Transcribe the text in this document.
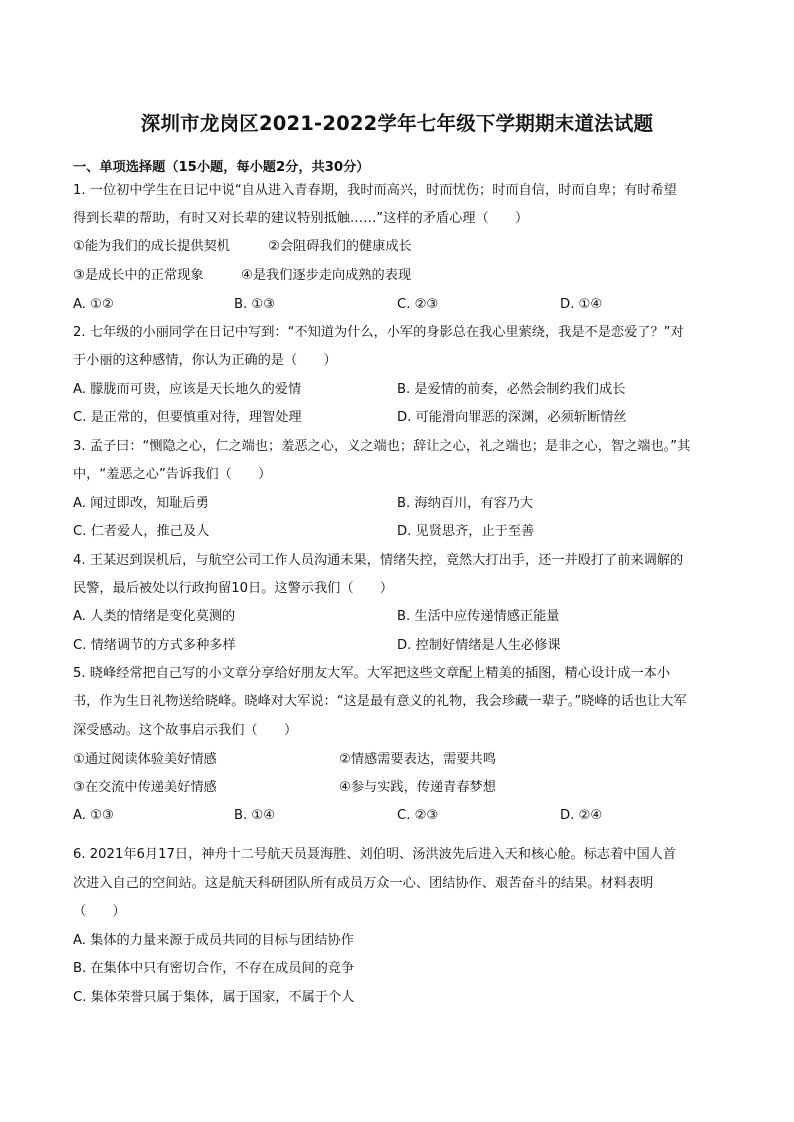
深圳市龙岗区2021-2022学年七年级下学期期末道法试题
一、单项选择题（15小题，每小题2分，共30分）
1. 一位初中学生在日记中说“自从进入青春期，我时而高兴，时而忧伤；时而自信，时而自卑；有时希望
得到长辈的帮助，有时又对长辈的建议特别抵触……”这样的矛盾心理（　　）
①能为我们的成长提供契机	②会阻碍我们的健康成长
③是成长中的正常现象	④是我们逐步走向成熟的表现
A. ①②	B. ①③	C. ②③	D. ①④
2. 七年级的小丽同学在日记中写到：“不知道为什么，小军的身影总在我心里萦绕，我是不是恋爱了？”对
于小丽的这种感情，你认为正确的是（　　）
A. 朦胧而可贵，应该是天长地久的爱情	B. 是爱情的前奏，必然会制约我们成长
C. 是正常的，但要慎重对待，理智处理	D. 可能滑向罪恶的深渊，必须斩断情丝
3. 孟子曰：“恻隐之心，仁之端也；羞恶之心，义之端也；辞让之心，礼之端也；是非之心，智之端也。”其
中，“羞恶之心”告诉我们（　　）
A. 闻过即改，知耻后勇	B. 海纳百川，有容乃大
C. 仁者爱人，推己及人	D. 见贤思齐，止于至善
4. 王某迟到误机后，与航空公司工作人员沟通未果，情绪失控，竟然大打出手，还一并殴打了前来调解的
民警，最后被处以行政拘留10日。这警示我们（　　）
A. 人类的情绪是变化莫测的	B. 生活中应传递情感正能量
C. 情绪调节的方式多种多样	D. 控制好情绪是人生必修课
5. 晓峰经常把自己写的小文章分享给好朋友大军。大军把这些文章配上精美的插图，精心设计成一本小
书，作为生日礼物送给晓峰。晓峰对大军说：“这是最有意义的礼物，我会珍藏一辈子。”晓峰的话也让大军
深受感动。这个故事启示我们（　　）
①通过阅读体验美好情感	②情感需要表达，需要共鸣
③在交流中传递美好情感	④参与实践，传递青春梦想
A. ①③	B. ①④	C. ②③	D. ②④
6. 2021年6月17日，神舟十二号航天员聂海胜、刘伯明、汤洪波先后进入天和核心舱。标志着中国人首
次进入自己的空间站。这是航天科研团队所有成员万众一心、团结协作、艰苦奋斗的结果。材料表明
（　　）
A. 集体的力量来源于成员共同的目标与团结协作
B. 在集体中只有密切合作，不存在成员间的竞争
C. 集体荣誉只属于集体，属于国家，不属于个人
